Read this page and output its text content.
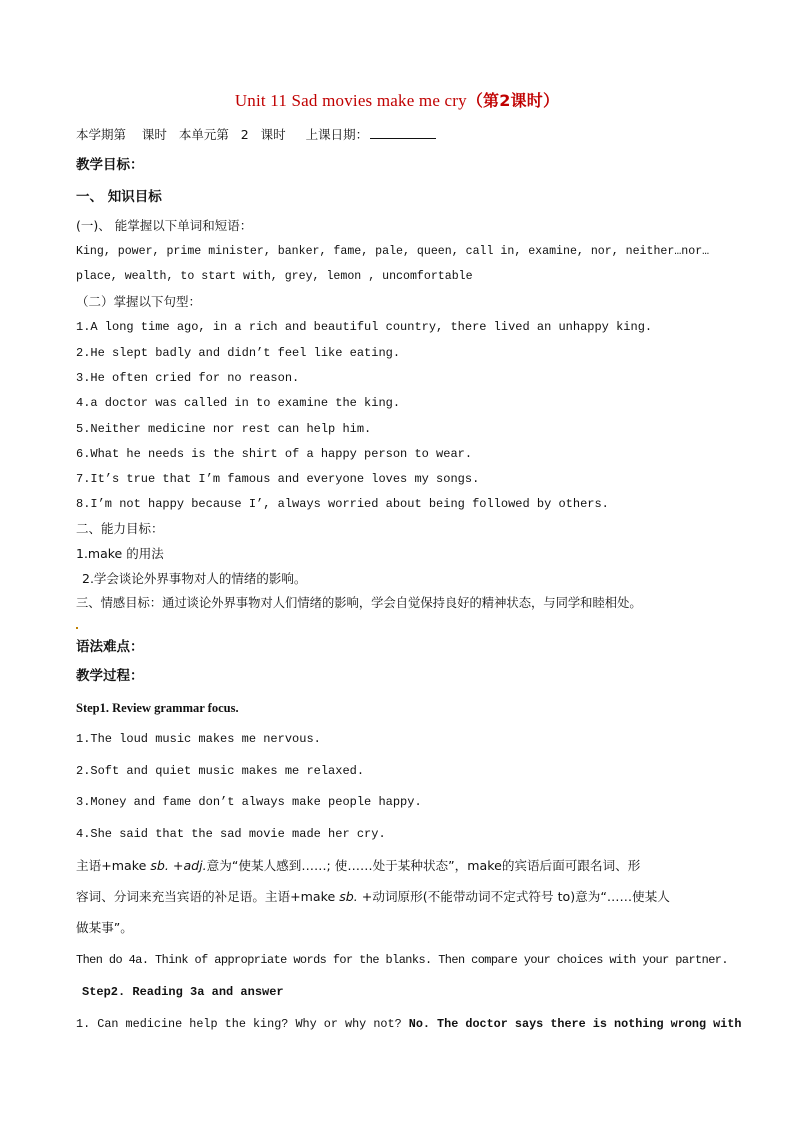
Unit 11 Sad movies make me cry（第2课时）
本学期第 课时 本单元第 2 课时 上课日期：
教学目标：
一、 知识目标
(一)、 能掌握以下单词和短语：
King, power, prime minister, banker, fame, pale, queen, call in, examine, nor, neither…nor…
place, wealth, to start with, grey, lemon , uncomfortable
（二）掌握以下句型：
1.A long time ago, in a rich and beautiful country, there lived an unhappy king.
2.He slept badly and didn’t feel like eating.
3.He often cried for no reason.
4.a doctor was called in to examine the king.
5.Neither medicine nor rest can help him.
6.What he needs is the shirt of a happy person to wear.
7.It’s true that I’m famous and everyone loves my songs.
8.I’m not happy because I’, always worried about being followed by others.
二、能力目标：
1.make 的用法
2.学会谈论外界事物对人的情绪的影响。
三、情感目标：通过谈论外界事物对人们情绪的影响，学会自觉保持良好的精神状态，与同学和睦相处。
语法难点：
教学过程：
Step1. Review grammar focus.
1.The loud music makes me nervous.
2.Soft and quiet music makes me relaxed.
3.Money and fame don’t always make people happy.
4.She said that the sad movie made her cry.
主语+make sb. +adj.意为“使某人感到……; 使……处于某种状态”，make的宾语后面可跟名词、形
容词、分词来充当宾语的补足语。主语+make sb. +动词原形(不能带动词不定式符号 to)意为“……使某人
做某事”。
Then do 4a. Think of appropriate words for the blanks. Then compare your choices with your partner.
Step2. Reading 3a and answer
1. Can medicine help the king? Why or why not? No. The doctor says there is nothing wrong with
